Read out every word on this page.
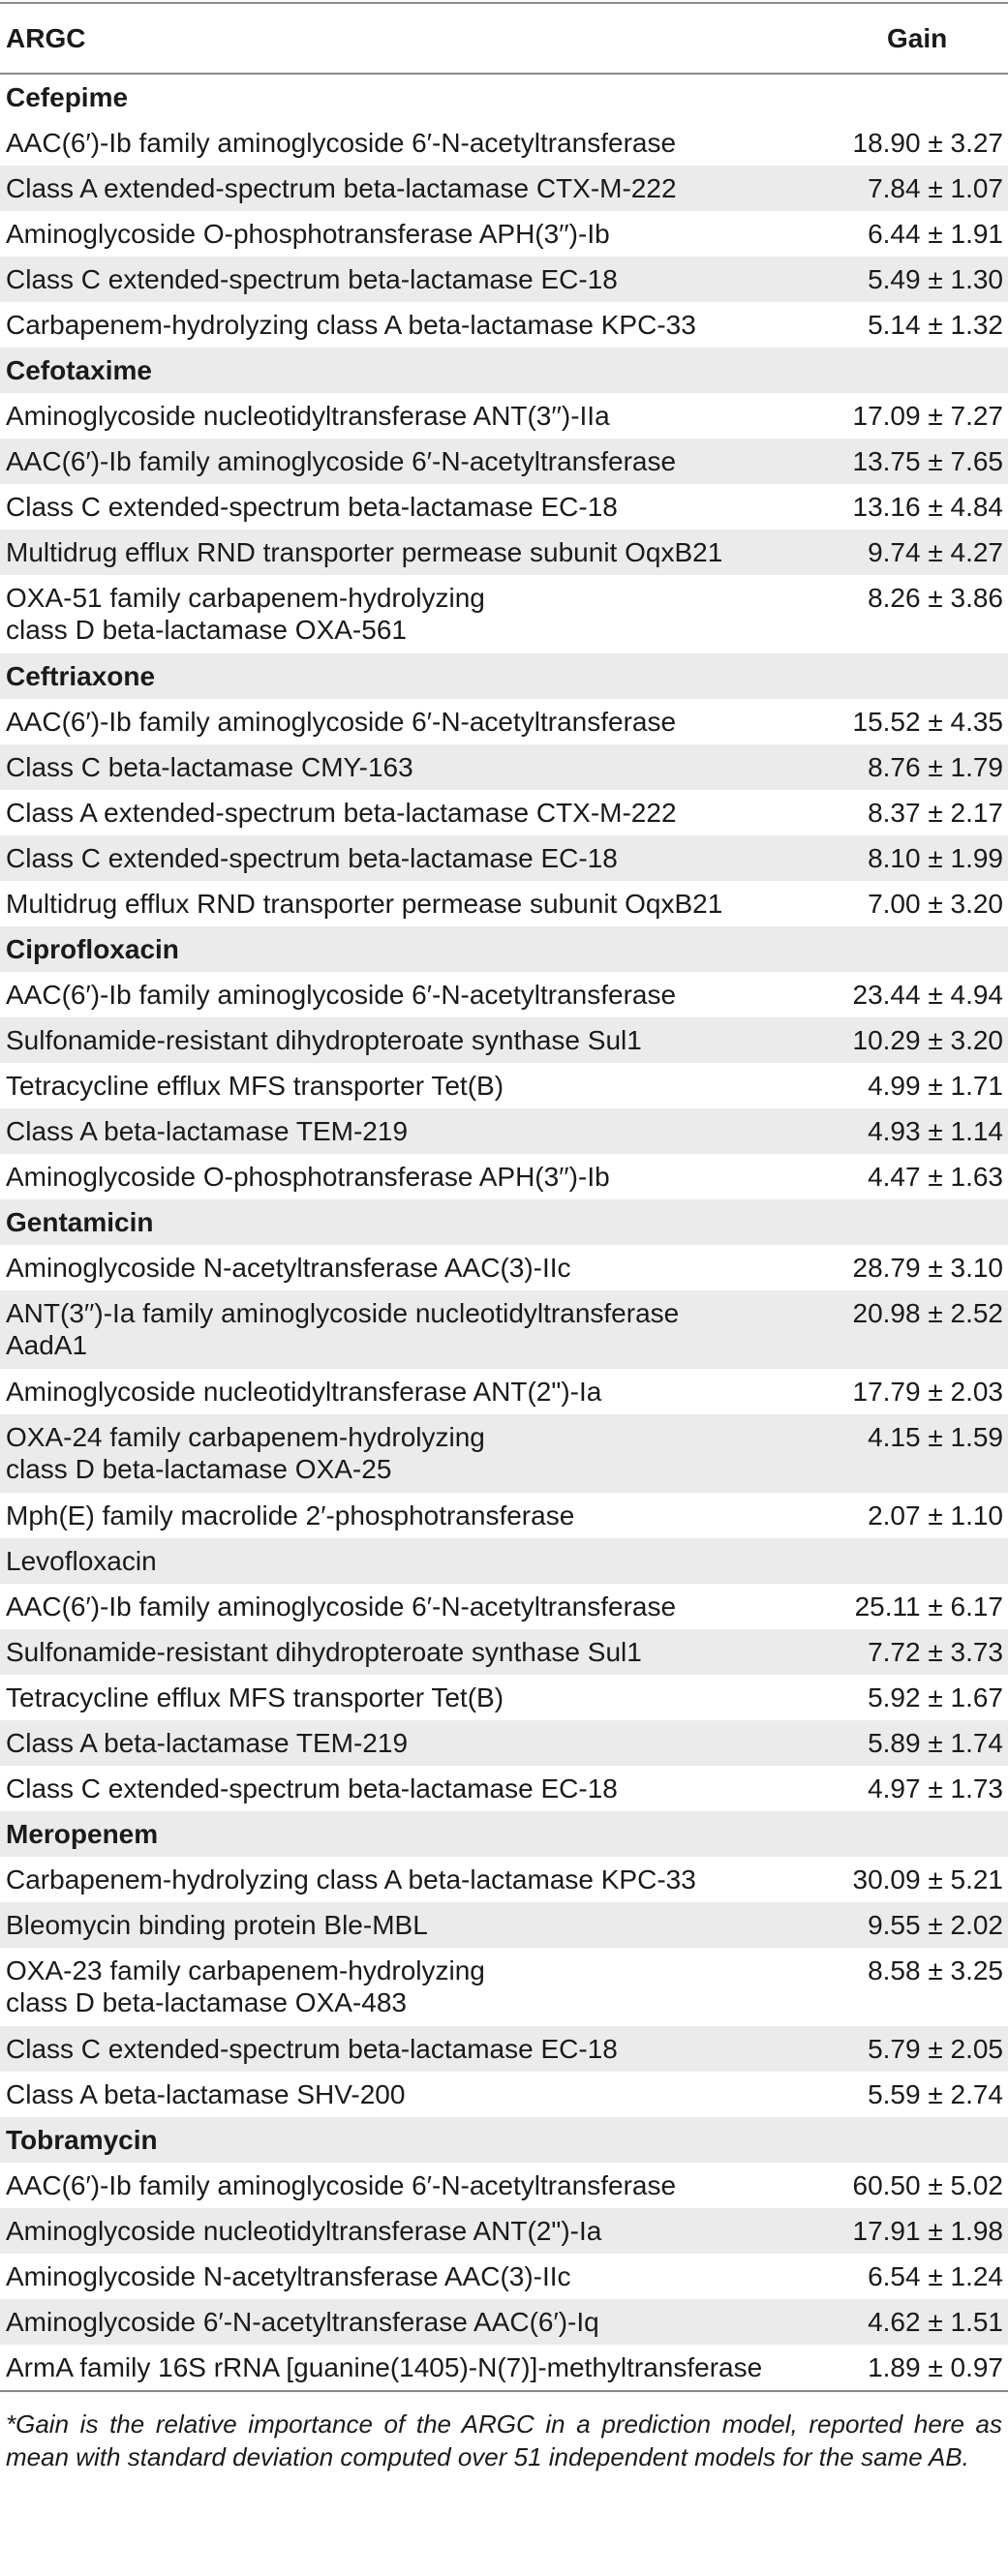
ARGC	Gain
Cefepime	
AAC(6′)-Ib family aminoglycoside 6′-N-acetyltransferase	18.90 ± 3.27
Class A extended-spectrum beta-lactamase CTX-M-222	7.84 ± 1.07
Aminoglycoside O-phosphotransferase APH(3′′)-Ib	6.44 ± 1.91
Class C extended-spectrum beta-lactamase EC-18	5.49 ± 1.30
Carbapenem-hydrolyzing class A beta-lactamase KPC-33	5.14 ± 1.32
Cefotaxime	
Aminoglycoside nucleotidyltransferase ANT(3′′)-IIa	17.09 ± 7.27
AAC(6′)-Ib family aminoglycoside 6′-N-acetyltransferase	13.75 ± 7.65
Class C extended-spectrum beta-lactamase EC-18	13.16 ± 4.84
Multidrug efflux RND transporter permease subunit OqxB21	9.74 ± 4.27
OXA-51 family carbapenem-hydrolyzing class D beta-lactamase OXA-561	8.26 ± 3.86
Ceftriaxone	
AAC(6′)-Ib family aminoglycoside 6′-N-acetyltransferase	15.52 ± 4.35
Class C beta-lactamase CMY-163	8.76 ± 1.79
Class A extended-spectrum beta-lactamase CTX-M-222	8.37 ± 2.17
Class C extended-spectrum beta-lactamase EC-18	8.10 ± 1.99
Multidrug efflux RND transporter permease subunit OqxB21	7.00 ± 3.20
Ciprofloxacin	
AAC(6′)-Ib family aminoglycoside 6′-N-acetyltransferase	23.44 ± 4.94
Sulfonamide-resistant dihydropteroate synthase Sul1	10.29 ± 3.20
Tetracycline efflux MFS transporter Tet(B)	4.99 ± 1.71
Class A beta-lactamase TEM-219	4.93 ± 1.14
Aminoglycoside O-phosphotransferase APH(3′′)-Ib	4.47 ± 1.63
Gentamicin	
Aminoglycoside N-acetyltransferase AAC(3)-IIc	28.79 ± 3.10
ANT(3′′)-Ia family aminoglycoside nucleotidyltransferase AadA1	20.98 ± 2.52
Aminoglycoside nucleotidyltransferase ANT(2")-Ia	17.79 ± 2.03
OXA-24 family carbapenem-hydrolyzing class D beta-lactamase OXA-25	4.15 ± 1.59
Mph(E) family macrolide 2′-phosphotransferase	2.07 ± 1.10
Levofloxacin	
AAC(6′)-Ib family aminoglycoside 6′-N-acetyltransferase	25.11 ± 6.17
Sulfonamide-resistant dihydropteroate synthase Sul1	7.72 ± 3.73
Tetracycline efflux MFS transporter Tet(B)	5.92 ± 1.67
Class A beta-lactamase TEM-219	5.89 ± 1.74
Class C extended-spectrum beta-lactamase EC-18	4.97 ± 1.73
Meropenem	
Carbapenem-hydrolyzing class A beta-lactamase KPC-33	30.09 ± 5.21
Bleomycin binding protein Ble-MBL	9.55 ± 2.02
OXA-23 family carbapenem-hydrolyzing class D beta-lactamase OXA-483	8.58 ± 3.25
Class C extended-spectrum beta-lactamase EC-18	5.79 ± 2.05
Class A beta-lactamase SHV-200	5.59 ± 2.74
Tobramycin	
AAC(6′)-Ib family aminoglycoside 6′-N-acetyltransferase	60.50 ± 5.02
Aminoglycoside nucleotidyltransferase ANT(2")-Ia	17.91 ± 1.98
Aminoglycoside N-acetyltransferase AAC(3)-IIc	6.54 ± 1.24
Aminoglycoside 6′-N-acetyltransferase AAC(6′)-Iq	4.62 ± 1.51
ArmA family 16S rRNA [guanine(1405)-N(7)]-methyltransferase	1.89 ± 0.97
*Gain is the relative importance of the ARGC in a prediction model, reported here as mean with standard deviation computed over 51 independent models for the same AB.
